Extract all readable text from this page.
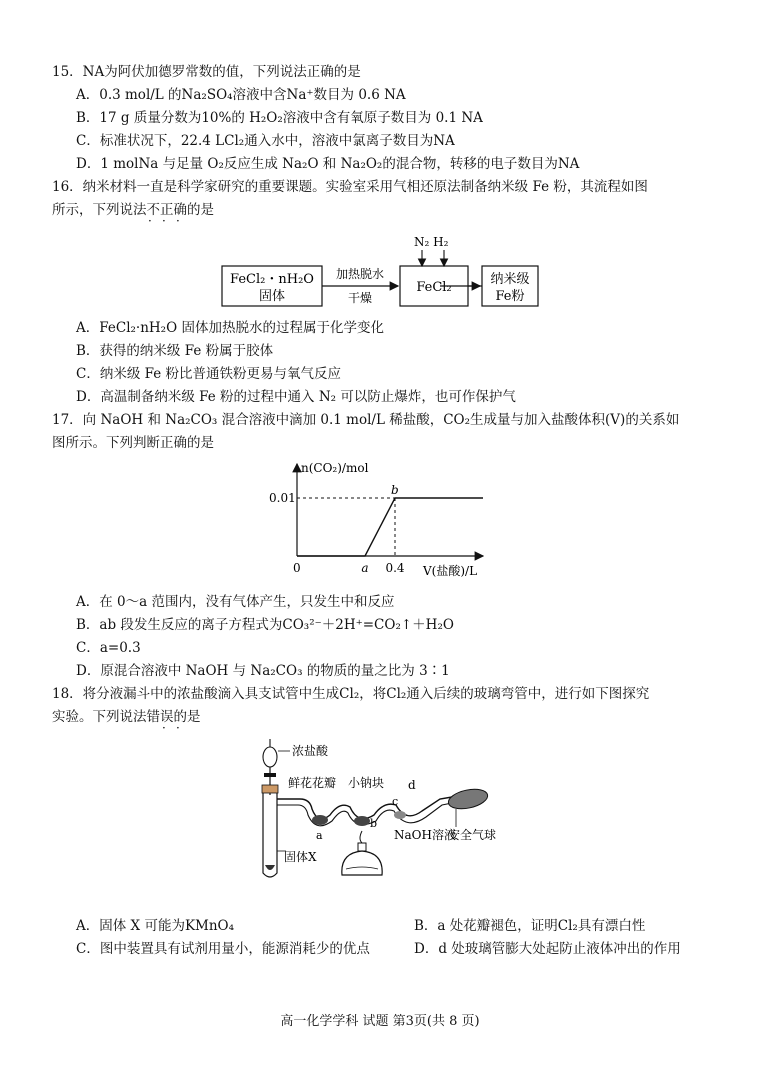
15．NA为阿伏加德罗常数的值，下列说法正确的是
A．0.3 mol/L 的Na₂SO₄溶液中含Na⁺数目为 0.6 NA
B．17 g 质量分数为10%的 H₂O₂溶液中含有氧原子数目为 0.1 NA
C．标准状况下，22.4 LCl₂通入水中，溶液中氯离子数目为NA
D．1 molNa 与足量 O₂反应生成 Na₂O 和 Na₂O₂的混合物，转移的电子数目为NA
16．纳米材料一直是科学家研究的重要课题。实验室采用气相还原法制备纳米级 Fe 粉，其流程如图
所示，下列说法不正确的是
· · ·
FeCl₂・nH₂O
固体
加热脱水
干燥
FeCl₂
N₂ H₂
纳米级
Fe粉
A．FeCl₂·nH₂O 固体加热脱水的过程属于化学变化
B．获得的纳米级 Fe 粉属于胶体
C．纳米级 Fe 粉比普通铁粉更易与氧气反应
D．高温制备纳米级 Fe 粉的过程中通入 N₂ 可以防止爆炸，也可作保护气
17．向 NaOH 和 Na₂CO₃ 混合溶液中滴加 0.1 mol/L 稀盐酸，CO₂生成量与加入盐酸体积(V)的关系如
图所示。下列判断正确的是
n(CO₂)/mol
V(盐酸)/L
0
0.01
a 0.4
b
A．在 0～a 范围内，没有气体产生，只发生中和反应
B．ab 段发生反应的离子方程式为CO₃²⁻＋2H⁺=CO₂↑＋H₂O
C．a=0.3
D．原混合溶液中 NaOH 与 Na₂CO₃ 的物质的量之比为 3∶1
18．将分液漏斗中的浓盐酸滴入具支试管中生成Cl₂，将Cl₂通入后续的玻璃弯管中，进行如下图探究
实验。下列说法错误的是
· ·
浓盐酸
固体X
鲜花花瓣 小钠块 d
c
a
b
NaOH溶液
安全气球
A．固体 X 可能为KMnO₄	B．a 处花瓣褪色，证明Cl₂具有漂白性
C．图中装置具有试剂用量小，能源消耗少的优点	D．d 处玻璃管膨大处起防止液体冲出的作用
高一化学学科 试题 第3页(共 8 页)
